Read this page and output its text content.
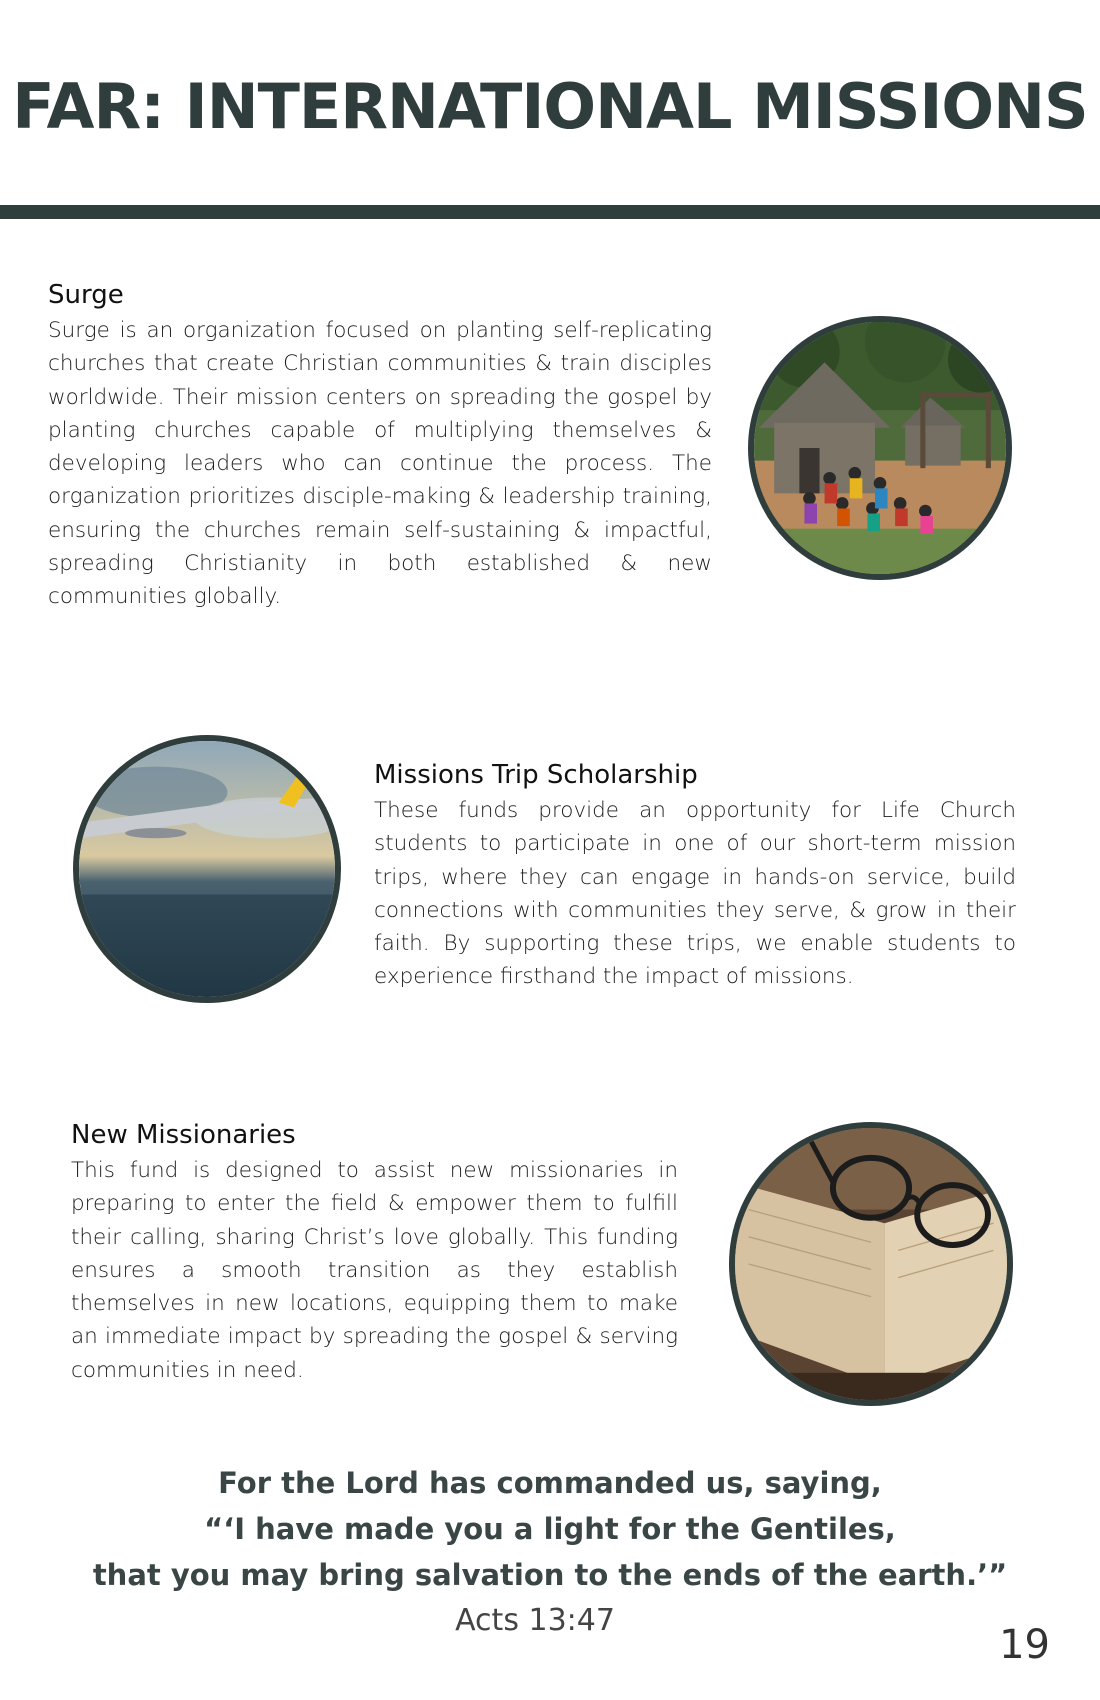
FAR: INTERNATIONAL MISSIONS
Surge

Surge is an organization focused on planting self-replicating churches that create Christian communities & train disciples worldwide. Their mission centers on spreading the gospel by planting churches capable of multiplying themselves & developing leaders who can continue the process. The organization prioritizes disciple-making & leadership training, ensuring the churches remain self-sustaining & impactful, spreading Christianity in both established & new communities globally.

Missions Trip Scholarship

These funds provide an opportunity for Life Church students to participate in one of our short-term mission trips, where they can engage in hands-on service, build connections with communities they serve, & grow in their faith. By supporting these trips, we enable students to experience firsthand the impact of missions.

New Missionaries

This fund is designed to assist new missionaries in preparing to enter the field & empower them to fulfill their calling, sharing Christ’s love globally. This funding ensures a smooth transition as they establish themselves in new locations, equipping them to make an immediate impact by spreading the gospel & serving communities in need.

For the Lord has commanded us, saying,
“‘I have made you a light for the Gentiles,
that you may bring salvation to the ends of the earth.’”
Acts 13:47
19
